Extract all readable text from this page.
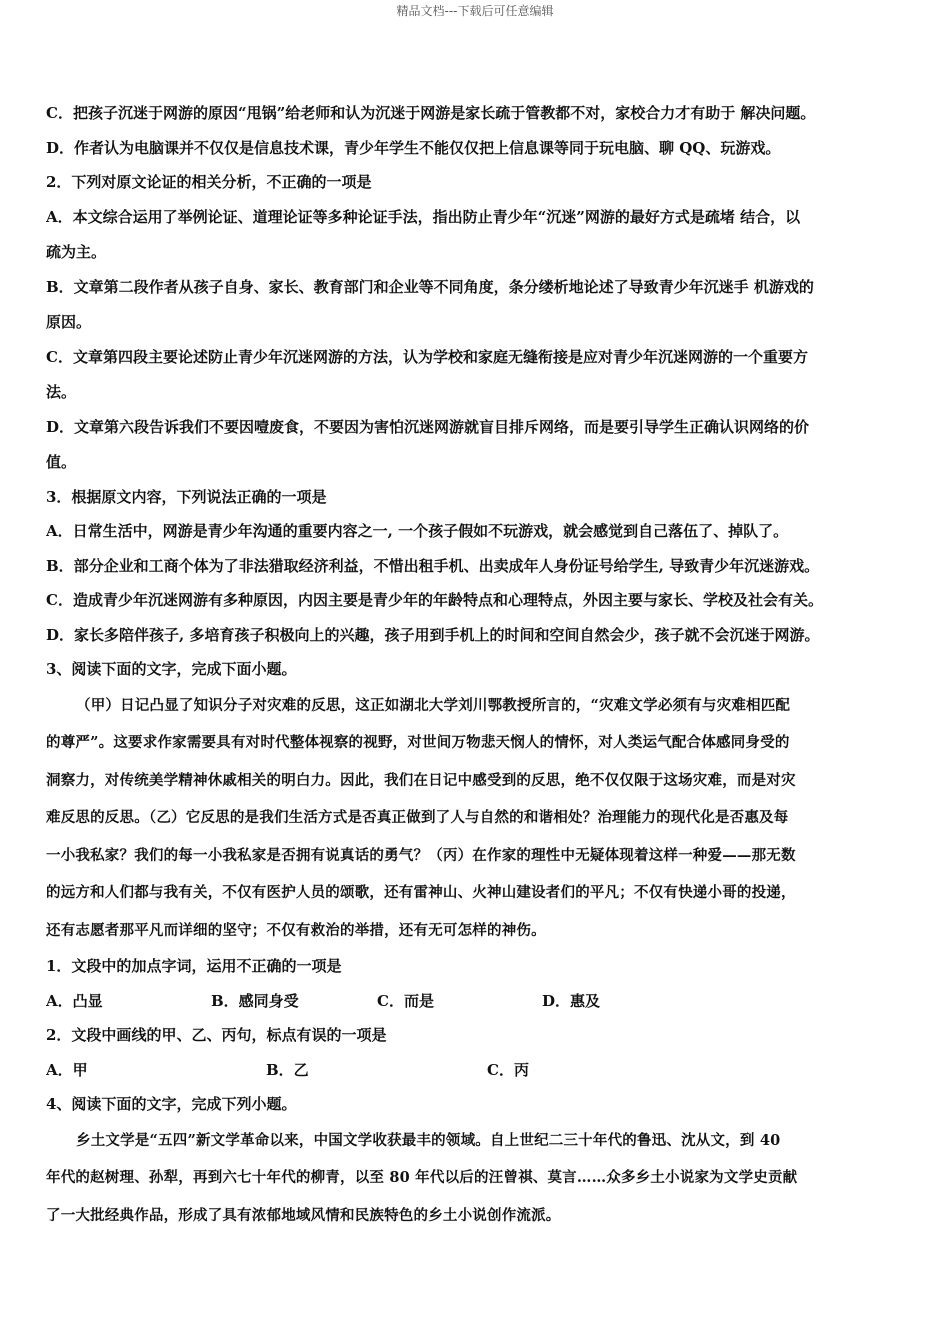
精品文档---下载后可任意编辑
C．把孩子沉迷于网游的原因“甩锅”给老师和认为沉迷于网游是家长疏于管教都不对，家校合力才有助于 解决问题。
D．作者认为电脑课并不仅仅是信息技术课，青少年学生不能仅仅把上信息课等同于玩电脑、聊 QQ、玩游戏。
2．下列对原文论证的相关分析，不正确的一项是
A．本文综合运用了举例论证、道理论证等多种论证手法，指出防止青少年“沉迷”网游的最好方式是疏堵 结合，以
疏为主。
B．文章第二段作者从孩子自身、家长、教育部门和企业等不同角度，条分缕析地论述了导致青少年沉迷手 机游戏的
原因。
C．文章第四段主要论述防止青少年沉迷网游的方法，认为学校和家庭无缝衔接是应对青少年沉迷网游的一个重要方
法。
D．文章第六段告诉我们不要因噎废食，不要因为害怕沉迷网游就盲目排斥网络，而是要引导学生正确认识网络的价
值。
3．根据原文内容，下列说法正确的一项是
A．日常生活中，网游是青少年沟通的重要内容之一, 一个孩子假如不玩游戏，就会感觉到自己落伍了、掉队了。
B．部分企业和工商个体为了非法猎取经济利益，不惜出租手机、出卖成年人身份证号给学生, 导致青少年沉迷游戏。
C．造成青少年沉迷网游有多种原因，内因主要是青少年的年龄特点和心理特点，外因主要与家长、学校及社会有关。
D．家长多陪伴孩子, 多培育孩子积极向上的兴趣，孩子用到手机上的时间和空间自然会少，孩子就不会沉迷于网游。
3、阅读下面的文字，完成下面小题。
（甲）日记凸显了知识分子对灾难的反思，这正如湖北大学刘川鄂教授所言的，“灾难文学必须有与灾难相匹配
的尊严”。这要求作家需要具有对时代整体视察的视野，对世间万物悲天悯人的情怀，对人类运气配合体感同身受的
洞察力，对传统美学精神休戚相关的明白力。因此，我们在日记中感受到的反思，绝不仅仅限于这场灾难，而是对灾
难反思的反思。（乙）它反思的是我们生活方式是否真正做到了人与自然的和谐相处？治理能力的现代化是否惠及每
一小我私家？我们的每一小我私家是否拥有说真话的勇气？（丙）在作家的理性中无疑体现着这样一种爱——那无数
的远方和人们都与我有关，不仅有医护人员的颂歌，还有雷神山、火神山建设者们的平凡；不仅有快递小哥的投递，
还有志愿者那平凡而详细的坚守；不仅有救治的举措，还有无可怎样的神伤。
1．文段中的加点字词，运用不正确的一项是
A．凸显	B．感同身受	C．而是	D．惠及
2．文段中画线的甲、乙、丙句，标点有误的一项是
A．甲	B．乙	C．丙
4、阅读下面的文字，完成下列小题。
乡土文学是“五四”新文学革命以来，中国文学收获最丰的领域。自上世纪二三十年代的鲁迅、沈从文，到 40
年代的赵树理、孙犁，再到六七十年代的柳青，以至 80 年代以后的汪曾祺、莫言……众多乡土小说家为文学史贡献
了一大批经典作品，形成了具有浓郁地域风情和民族特色的乡土小说创作流派。
